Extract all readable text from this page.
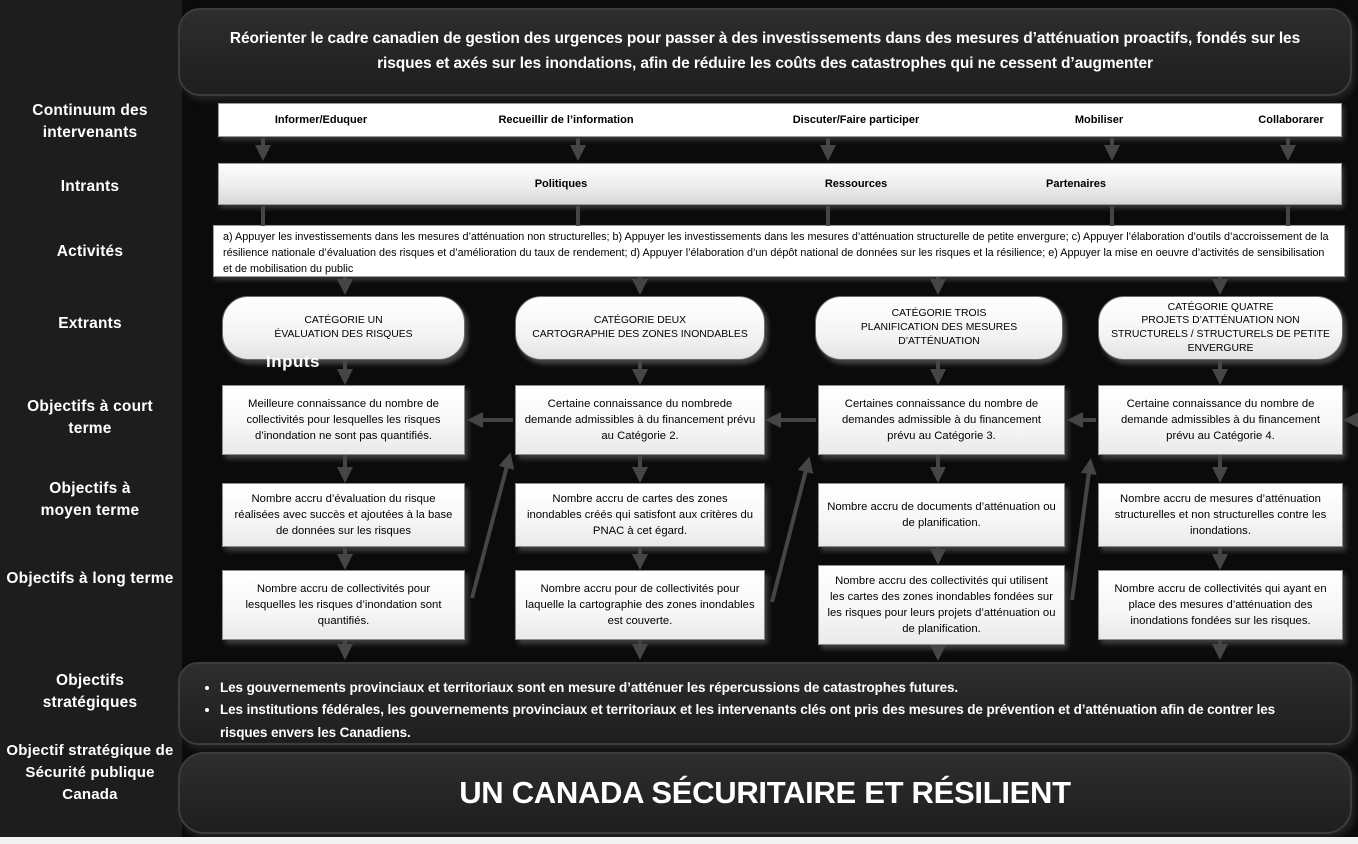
Continuum des intervenants
Intrants
Activités
Extrants
Objectifs à court terme
Objectifs à moyen terme
Objectifs à long terme
Objectifs stratégiques
Objectif stratégique de Sécurité publique Canada
Réorienter le cadre canadien de gestion des urgences pour passer à des investissements dans des mesures d’atténuation proactifs, fondés sur les risques et axés sur les inondations, afin de réduire les coûts des catastrophes qui ne cessent d’augmenter
Informer/Eduquer	Recueillir de l’information	Discuter/Faire participer	Mobiliser	Collaborarer
Politiques	Ressources	Partenaires
a) Appuyer les investissements dans les mesures d’atténuation non structurelles; b) Appuyer les investissements dans les mesures d’atténuation structurelle de petite envergure; c) Appuyer l’élaboration d’outils d’accroissement de la résilience nationale d’évaluation des risques et d’amélioration du taux de rendement; d) Appuyer l’élaboration d’un dépôt national de données sur les risques et la résilience; e) Appuyer la mise en oeuvre d’activités de sensibilisation et de mobilisation du public
CATÉGORIE UN
ÉVALUATION DES RISQUES
CATÉGORIE DEUX
CARTOGRAPHIE DES ZONES INONDABLES
CATÉGORIE TROIS
PLANIFICATION DES MESURES D’ATTÉNUATION
CATÉGORIE QUATRE
PROJETS D’ATTÉNUATION NON STRUCTURELS / STRUCTURELS DE PETITE ENVERGURE
Inputs
Meilleure connaissance du nombre de collectivités pour lesquelles les risques d’inondation ne sont pas quantifiés.
Certaine connaissance du nombrede demande admissibles à du financement prévu au Catégorie 2.
Certaines connaissance du nombre de demandes admissible à du financement prévu au Catégorie 3.
Certaine connaissance du nombre de demande admissibles à du financement prévu au Catégorie 4.
Nombre accru d’évaluation du risque réalisées avec succès et ajoutées à la base de données sur les risques
Nombre accru de cartes des zones inondables créés qui satisfont aux critères du PNAC à cet égard.
Nombre accru de documents d’atténuation ou de planification.
Nombre accru de mesures d’atténuation structurelles et non structurelles contre les inondations.
Nombre accru de collectivités pour lesquelles les risques d’inondation sont quantifiés.
Nombre accru pour de collectivités pour laquelle la cartographie des zones inondables est couverte.
Nombre accru des collectivités qui utilisent les cartes des zones inondables fondées sur les risques pour leurs projets d’atténuation ou de planification.
Nombre accru de collectivités qui ayant en place des mesures d’atténuation des inondations fondées sur les risques.
• Les gouvernements provinciaux et territoriaux sont en mesure d’atténuer les répercussions de catastrophes futures.
• Les institutions fédérales, les gouvernements provinciaux et territoriaux et les intervenants clés ont pris des mesures de prévention et d’atténuation afin de contrer les risques envers les Canadiens.
UN CANADA SÉCURITAIRE ET RÉSILIENT
